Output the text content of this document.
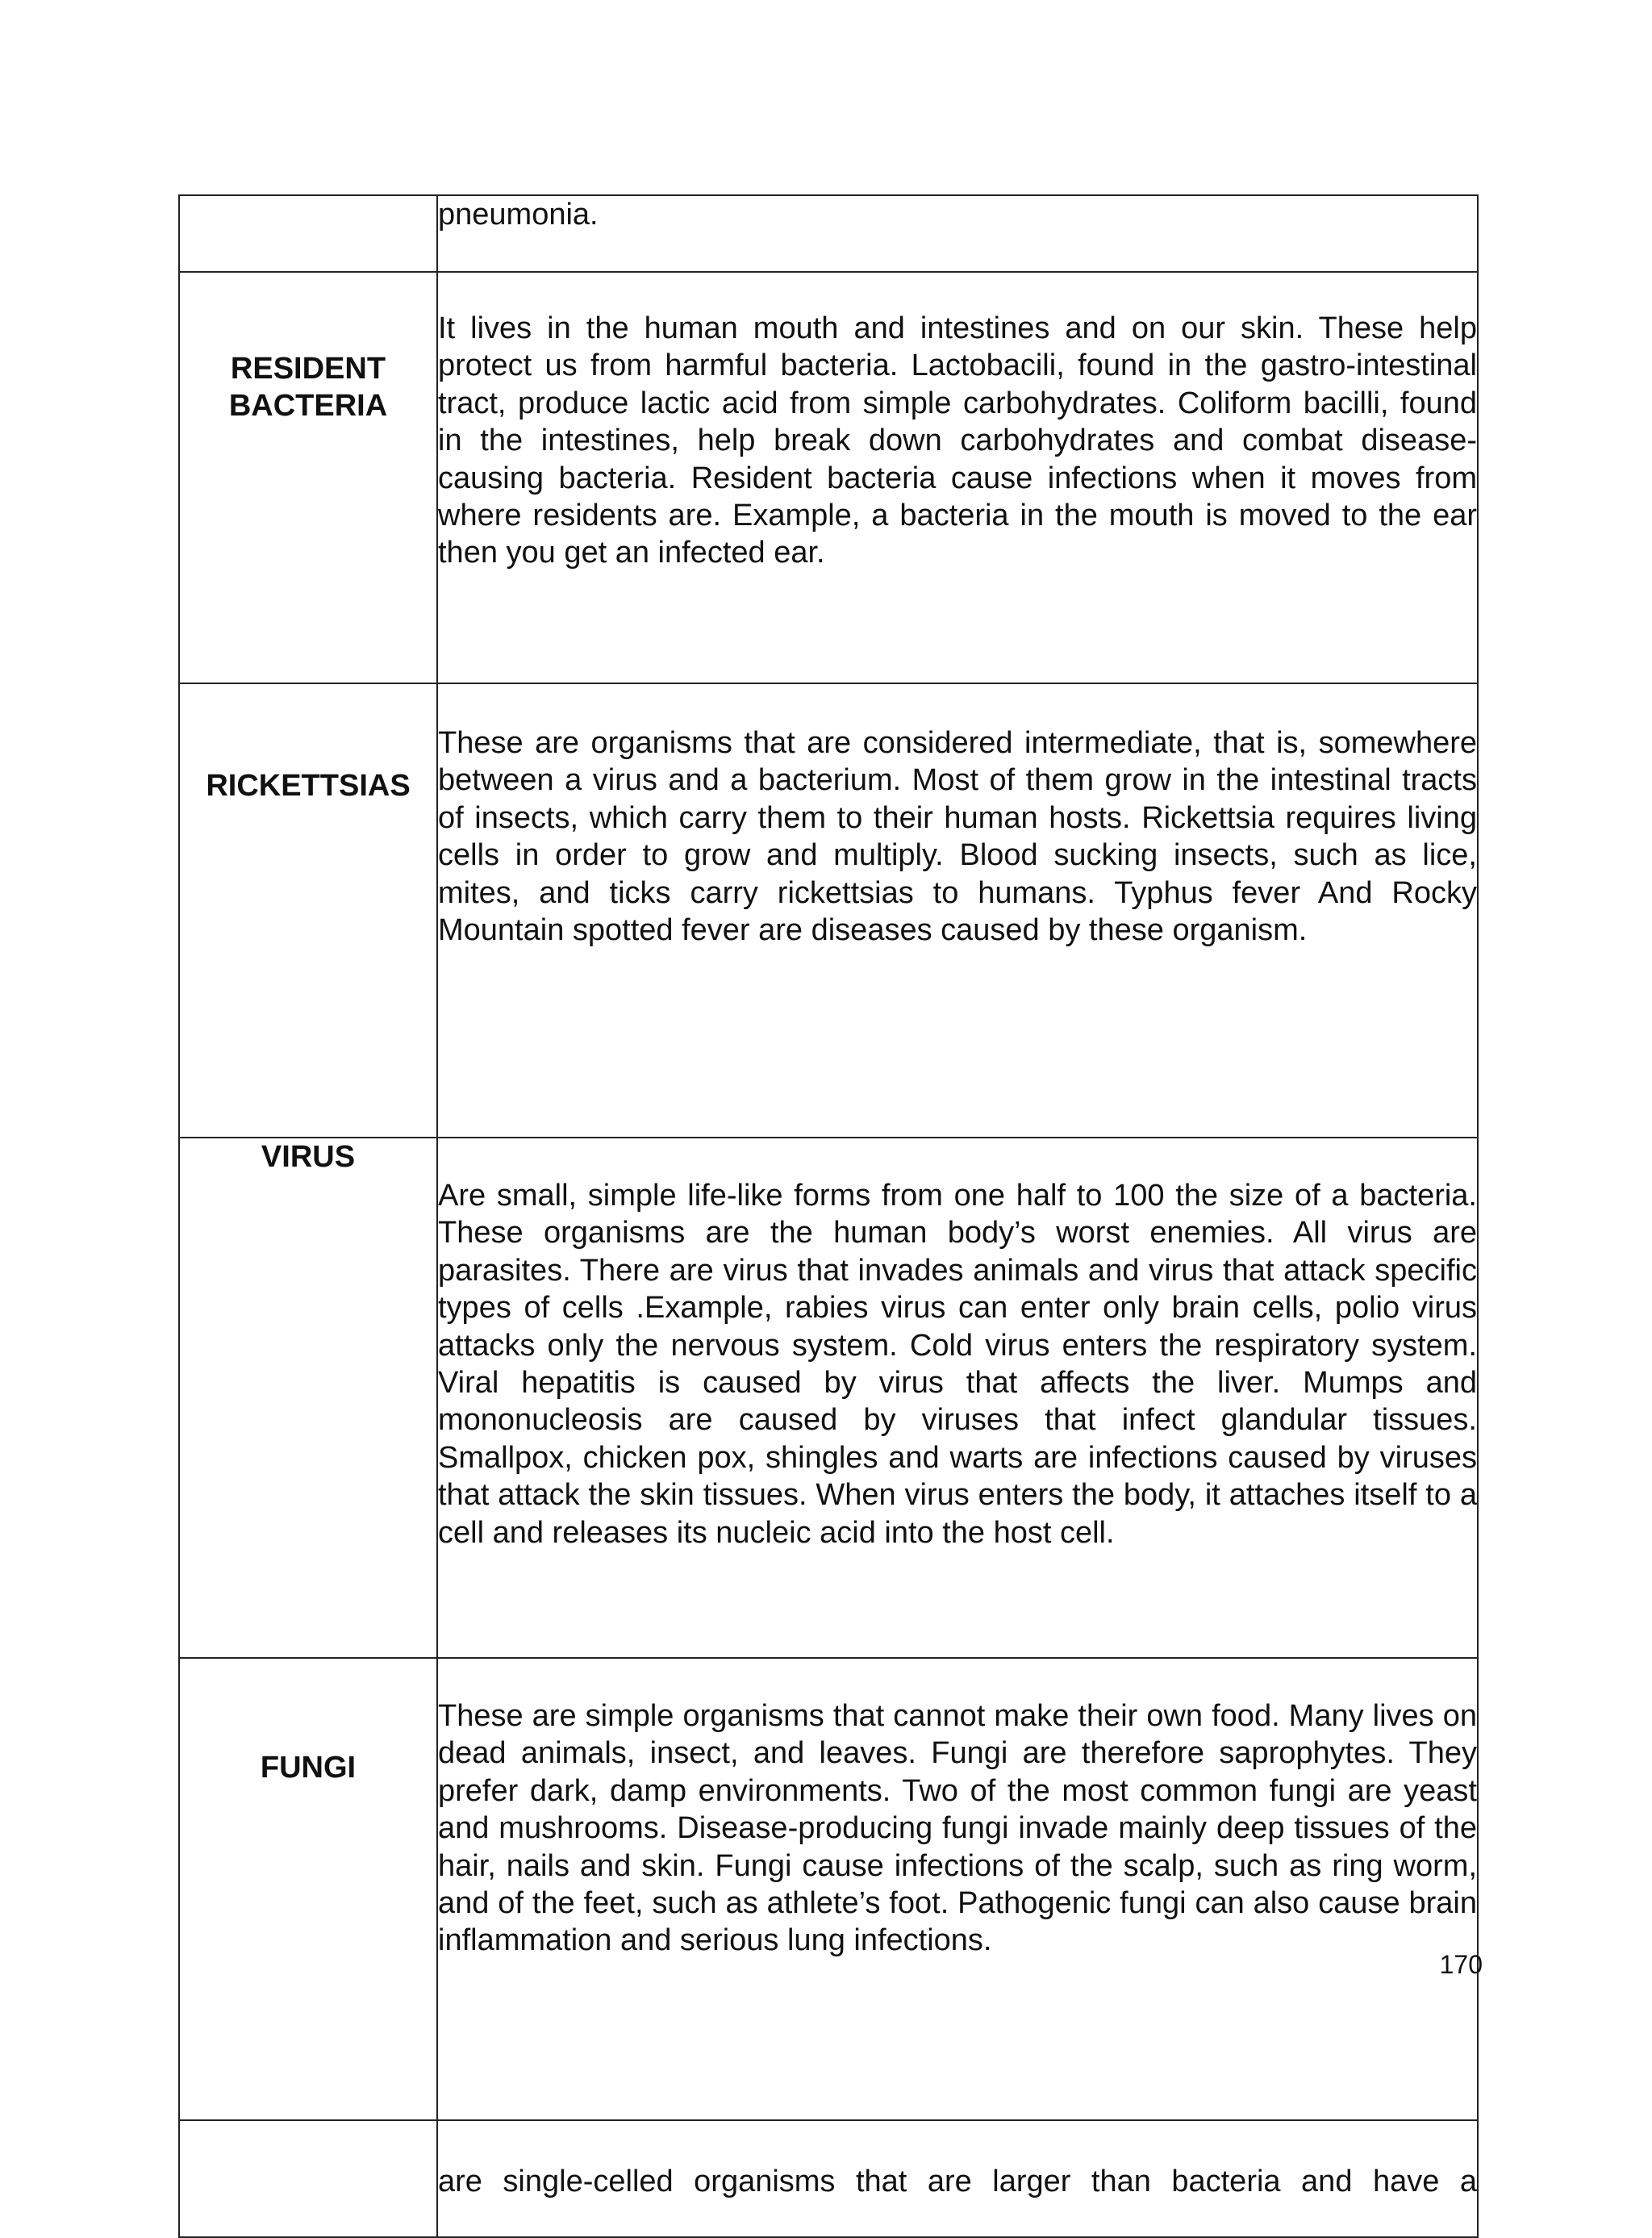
	pneumonia.

RESIDENT
BACTERIA	It lives in the human mouth and intestines and on our skin. These help protect us from harmful bacteria. Lactobacili, found in the gastro-intestinal tract, produce lactic acid from simple carbohydrates. Coliform bacilli, found in the intestines, help break down carbohydrates and combat disease-causing bacteria. Resident bacteria cause infections when it moves from where residents are. Example, a bacteria in the mouth is moved to the ear then you get an infected ear.
RICKETTSIAS	These are organisms that are considered intermediate, that is, somewhere between a virus and a bacterium. Most of them grow in the intestinal tracts of insects, which carry them to their human hosts. Rickettsia requires living cells in order to grow and multiply. Blood sucking insects, such as lice, mites, and ticks carry rickettsias to humans. Typhus fever And Rocky Mountain spotted fever are diseases caused by these organism.
VIRUS	Are small, simple life-like forms from one half to 100 the size of a bacteria. These organisms are the human body’s worst enemies. All virus are parasites. There are virus that invades animals and virus that attack specific types of cells .Example, rabies virus can enter only brain cells, polio virus attacks only the nervous system. Cold virus enters the respiratory system. Viral hepatitis is caused by virus that affects the liver. Mumps and mononucleosis are caused by viruses that infect glandular tissues. Smallpox, chicken pox, shingles and warts are infections caused by viruses that attack the skin tissues. When virus enters the body, it attaches itself to a cell and releases its nucleic acid into the host cell.
FUNGI	These are simple organisms that cannot make their own food. Many lives on dead animals, insect, and leaves. Fungi are therefore saprophytes. They prefer dark, damp environments. Two of the most common fungi are yeast and mushrooms. Disease-producing fungi invade mainly deep tissues of the hair, nails and skin. Fungi cause infections of the scalp, such as ring worm, and of the feet, such as athlete’s foot. Pathogenic fungi can also cause brain inflammation and serious lung infections.
	are single-celled organisms that are larger than bacteria and have a
170
